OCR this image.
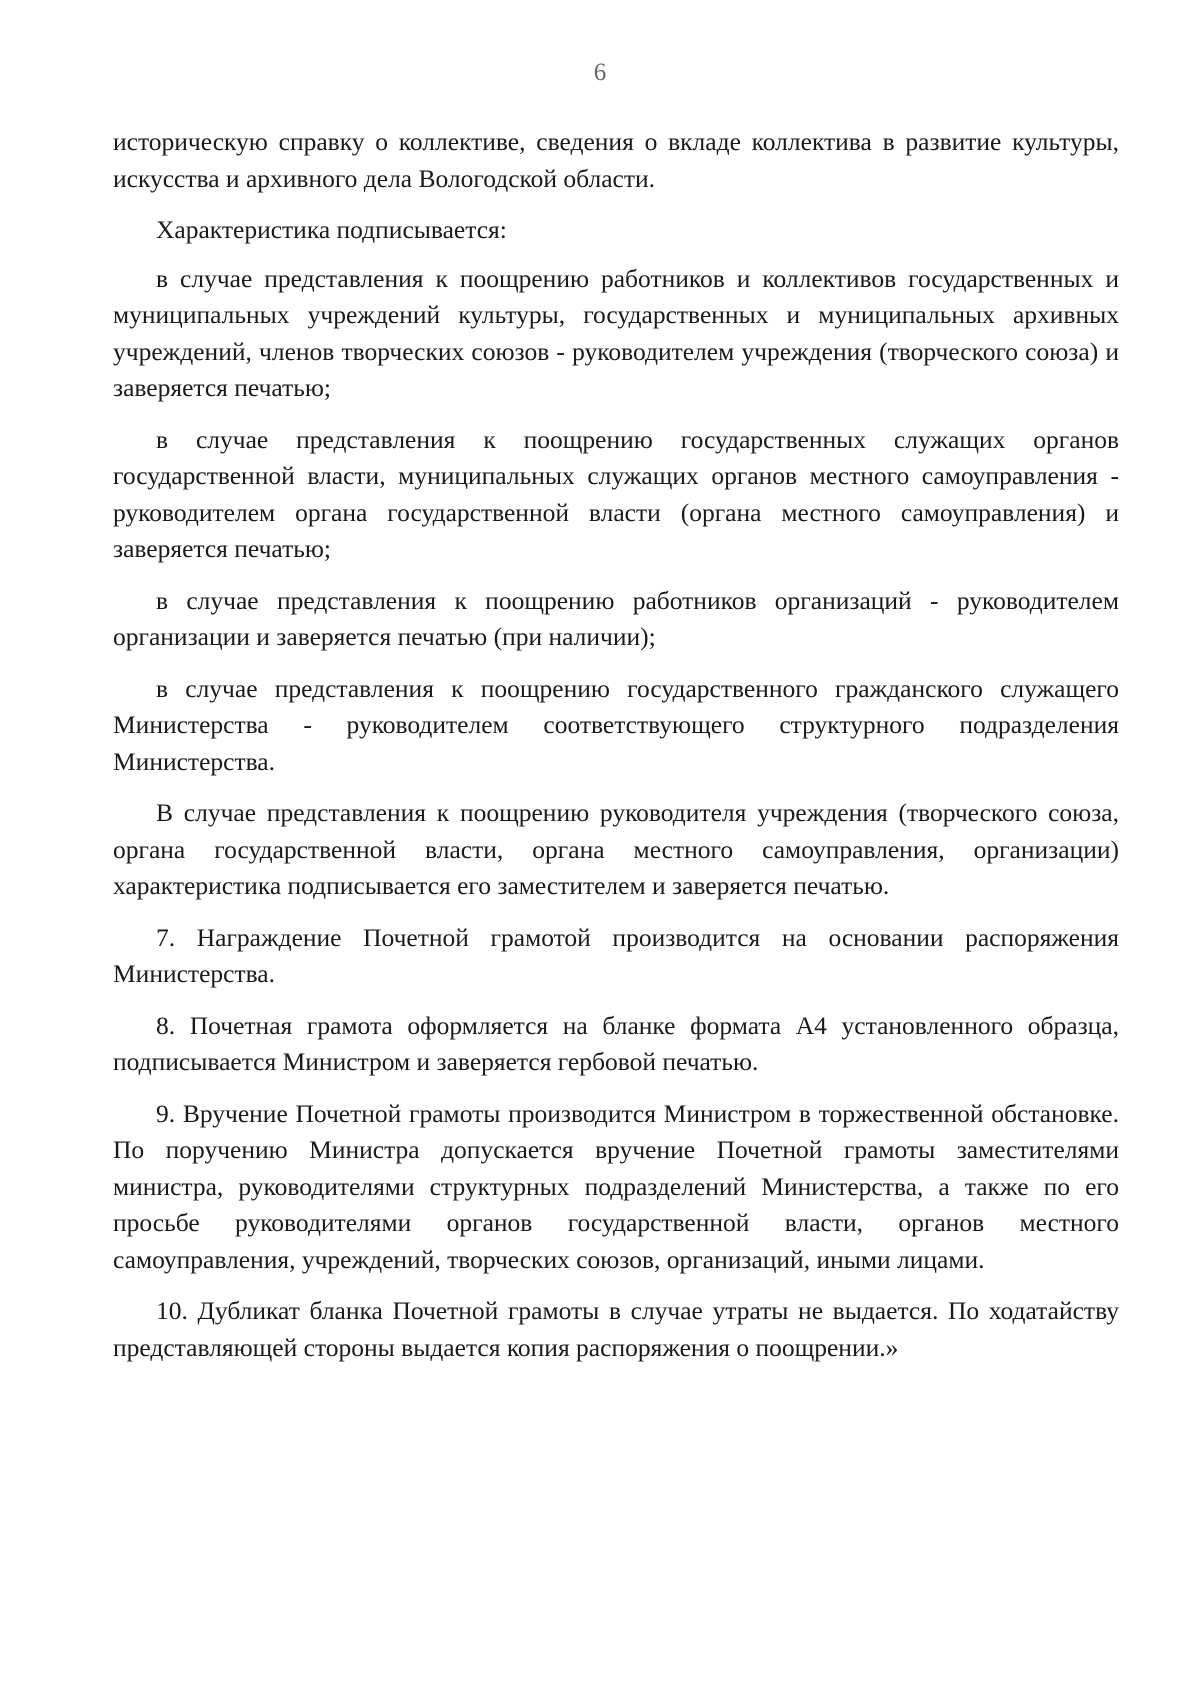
6

историческую справку о коллективе, сведения о вкладе коллектива в развитие культуры, искусства и архивного дела Вологодской области.

Характеристика подписывается:

в случае представления к поощрению работников и коллективов государственных и муниципальных учреждений культуры, государственных и муниципальных архивных учреждений, членов творческих союзов - руководителем учреждения (творческого союза) и заверяется печатью;

в случае представления к поощрению государственных служащих органов государственной власти, муниципальных служащих органов местного самоуправления - руководителем органа государственной власти (органа местного самоуправления) и заверяется печатью;

в случае представления к поощрению работников организаций - руководителем организации и заверяется печатью (при наличии);

в случае представления к поощрению государственного гражданского служащего Министерства - руководителем соответствующего структурного подразделения Министерства.

В случае представления к поощрению руководителя учреждения (творческого союза, органа государственной власти, органа местного самоуправления, организации) характеристика подписывается его заместителем и заверяется печатью.

7. Награждение Почетной грамотой производится на основании распоряжения Министерства.

8. Почетная грамота оформляется на бланке формата А4 установленного образца, подписывается Министром и заверяется гербовой печатью.

9. Вручение Почетной грамоты производится Министром в торжественной обстановке. По поручению Министра допускается вручение Почетной грамоты заместителями министра, руководителями структурных подразделений Министерства, а также по его просьбе руководителями органов государственной власти, органов местного самоуправления, учреждений, творческих союзов, организаций, иными лицами.

10. Дубликат бланка Почетной грамоты в случае утраты не выдается. По ходатайству представляющей стороны выдается копия распоряжения о поощрении.»
